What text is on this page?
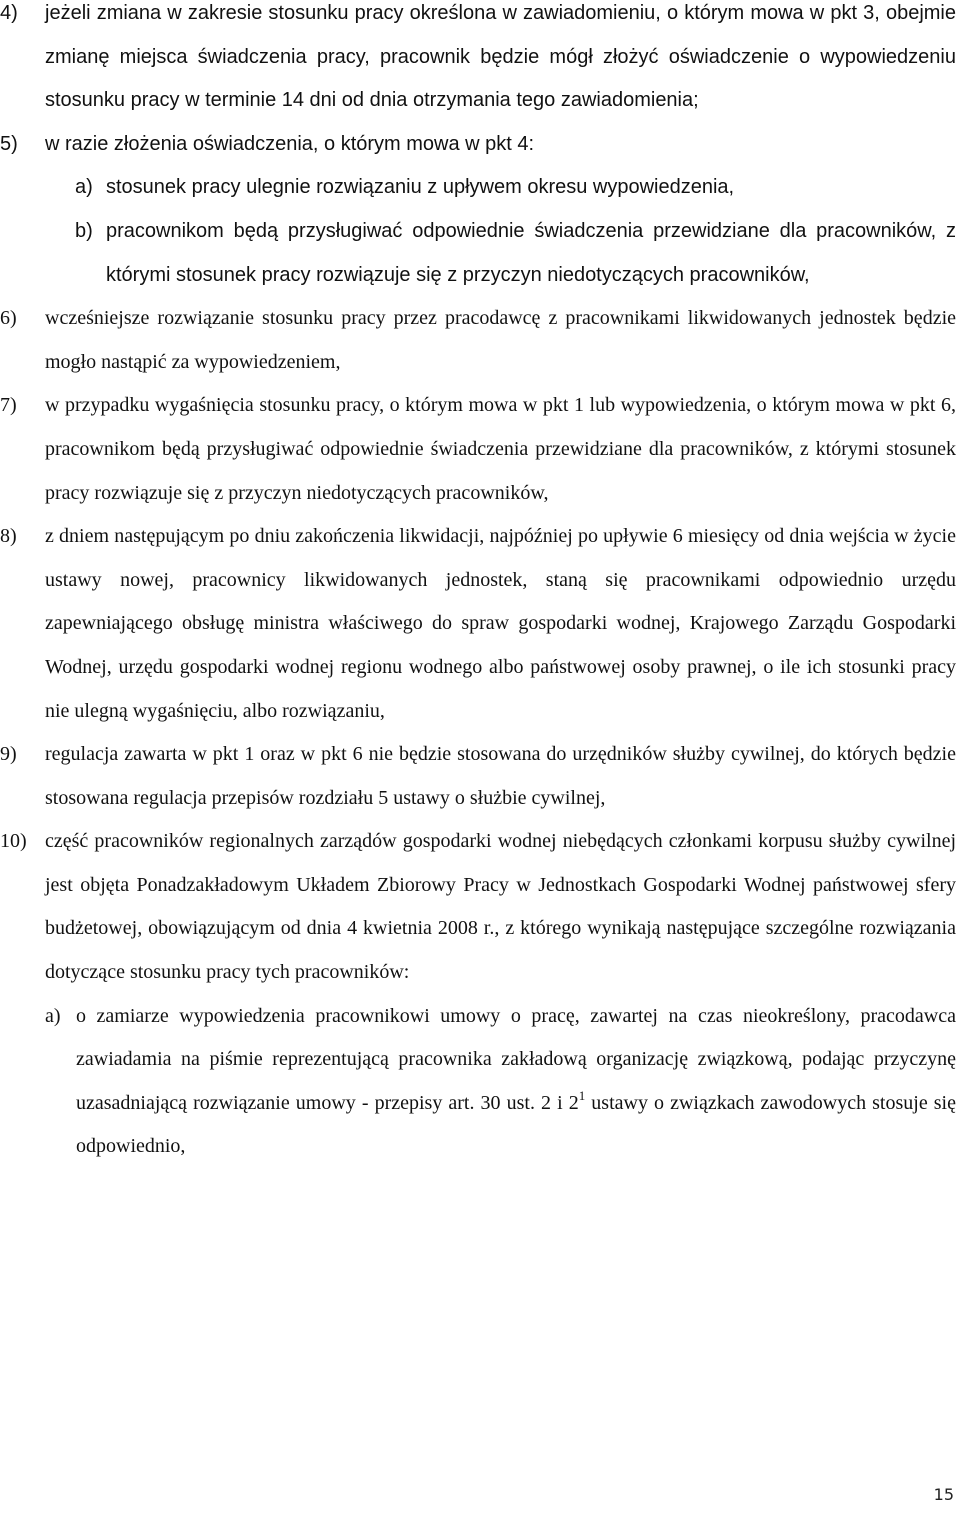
4) jeżeli zmiana w zakresie stosunku pracy określona w zawiadomieniu, o którym mowa w pkt 3, obejmie zmianę miejsca świadczenia pracy, pracownik będzie mógł złożyć oświadczenie o wypowiedzeniu stosunku pracy w terminie 14 dni od dnia otrzymania tego zawiadomienia;
5) w razie złożenia oświadczenia, o którym mowa w pkt 4:
a) stosunek pracy ulegnie rozwiązaniu z upływem okresu wypowiedzenia,
b) pracownikom będą przysługiwać odpowiednie świadczenia przewidziane dla pracowników, z którymi stosunek pracy rozwiązuje się z przyczyn niedotyczących pracowników,
6) wcześniejsze rozwiązanie stosunku pracy przez pracodawcę z pracownikami likwidowanych jednostek będzie mogło nastąpić za wypowiedzeniem,
7) w przypadku wygaśnięcia stosunku pracy, o którym mowa w pkt 1 lub wypowiedzenia, o którym mowa w pkt 6, pracownikom będą przysługiwać odpowiednie świadczenia przewidziane dla pracowników, z którymi stosunek pracy rozwiązuje się z przyczyn niedotyczących pracowników,
8) z dniem następującym po dniu zakończenia likwidacji, najpóźniej po upływie 6 miesięcy od dnia wejścia w życie ustawy nowej, pracownicy likwidowanych jednostek, staną się pracownikami odpowiednio urzędu zapewniającego obsługę ministra właściwego do spraw gospodarki wodnej, Krajowego Zarządu Gospodarki Wodnej, urzędu gospodarki wodnej regionu wodnego albo państwowej osoby prawnej, o ile ich stosunki pracy nie ulegną wygaśnięciu, albo rozwiązaniu,
9) regulacja zawarta w pkt 1 oraz w pkt 6 nie będzie stosowana do urzędników służby cywilnej, do których będzie stosowana regulacja przepisów rozdziału 5 ustawy o służbie cywilnej,
10) część pracowników regionalnych zarządów gospodarki wodnej niebędących członkami korpusu służby cywilnej jest objęta Ponadzakładowym Układem Zbiorowy Pracy w Jednostkach Gospodarki Wodnej państwowej sfery budżetowej, obowiązującym od dnia 4 kwietnia 2008 r., z którego wynikają następujące szczególne rozwiązania dotyczące stosunku pracy tych pracowników:
a) o zamiarze wypowiedzenia pracownikowi umowy o pracę, zawartej na czas nieokreślony, pracodawca zawiadamia na piśmie reprezentującą pracownika zakładową organizację związkową, podając przyczynę uzasadniającą rozwiązanie umowy - przepisy art. 30 ust. 2 i $2^1$ ustawy o związkach zawodowych stosuje się odpowiednio,
15
